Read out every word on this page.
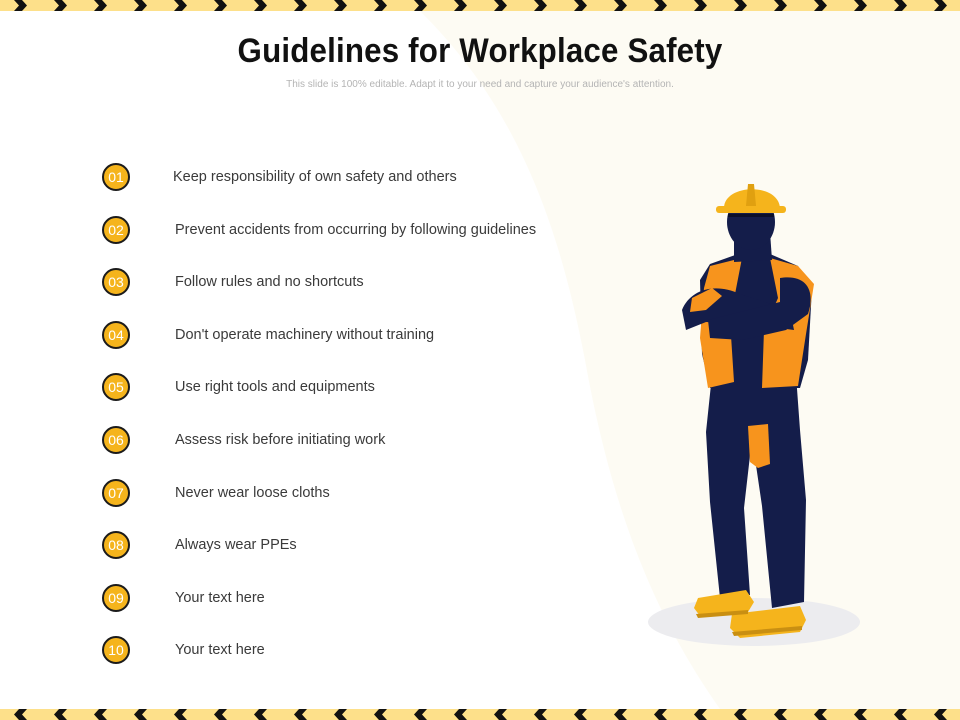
Guidelines for Workplace Safety
This slide is 100% editable. Adapt it to your need and capture your audience's attention.
01	Keep responsibility of own safety and others
02	Prevent accidents from occurring by following guidelines
03	Follow rules and no shortcuts
04	Don't operate machinery without training
05	Use right tools and equipments
06	Assess risk before initiating work
07	Never wear loose cloths
08	Always wear PPEs
09	Your text here
10	Your text here
